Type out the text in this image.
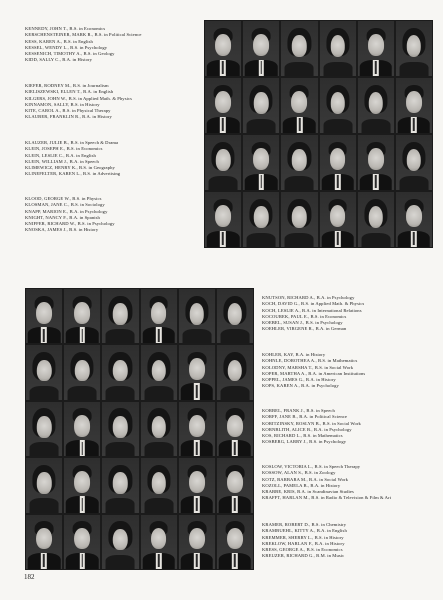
KENNEDY, JOHN T., B.S. in Economics
KERSCHENSTEINER, MARK R., B.S. in Political Science
KESS, KAREN A., B.S. in English
KESSEL, WENDY L., B.S. in Psychology
KESSENICH, TIMOTHY A., B.S. in Geology
KIDD, SALLY C., B.A. in History
KIEFER, RODNEY M., B.S. in Journalism
KIELISZEWSKI, ELLEN T., B.A. in English
KILGERS, JOHN W., B.S. in Applied Math. & Physics
KINNAMON, SALLY, B.S. in History
KITE, CAROL A., B.S. in Physical Therapy
KLAUBER, FRANKLIN R., B.A. in History
KLAUZER, JULIE B., B.S. in Speech & Drama
KLEIN, JOSEPH E., B.S. in Economics
KLEIN, LESLIE C., B.A. in English
KLEIN, WILLIAM J., B.A. in Speech
KLIMEWICZ, HENRY K., B.S. in Geography
KLINEFELTER, KAREN L., B.S. in Advertising
KLOOD, GEORGE W., B.S. in Physics
KLOSMAN, JANE C., B.S. in Sociology
KNAPP, MARION E., B.A. in Psychology
KNIGHT, NANCY F., B.A. in Spanish
KNIFFER, RICHARD W., B.S. in Psychology
KNOSKA, JAMES J., B.S. in History
KNUTSON, RICHARD A., B.A. in Psychology
KOCH, DAVID G., B.S. in Applied Math. & Physics
KOCH, LESLIE A., B.A. in International Relations
KOCOUREK, PAUL E., B.S. in Economics
KOEBEL, SUSAN J., B.S. in Psychology
KOEHLER, VIRGENE R., B.A. in German
KOHLER, KAY, B.A. in History
KOHNLE, DOROTHEA A., B.S. in Mathematics
KOLODNY, MARSHA T., B.S. in Social Work
KOPER, MARTHA A., B.A. in American Institutions
KOPPEL, JAMES G., B.A. in History
KOPS, KAREN A., B.A. in Psychology
KORBEL, FRANK J., B.S. in Speech
KORFF, JANE B., B.A. in Political Science
KORITZINSKY, ROSLYN B., B.S. in Social Work
KORNBLITH, ALICE B., B.A. in Psychology
KOS, RICHARD L., B.S. in Mathematics
KOSBERG, LARRY J., B.S. in Psychology
KOSLOW, VICTORIA L., B.S. in Speech Therapy
KOSSOW, ALAN S., B.S. in Zoology
KOTZ, BARBARA M., B.A. in Social Work
KOZOLL, PAMELA B., B.A. in History
KRABBE, KRIS, B.A. in Scandinavian Studies
KRAFFT, HARLAN M., B.S. in Radio & Television & Film & Art
KRAMER, ROBERT D., B.S. in Chemistry
KRAMBUEHL, KITTY A., B.A. in English
KREMMER, SHERRY L., B.S. in History
KREKLOW, HARLAN F., B.A. in History
KRESS, GEORGE A., B.S. in Economics
KREUZER, RICHARD G., B.M. in Music
182
